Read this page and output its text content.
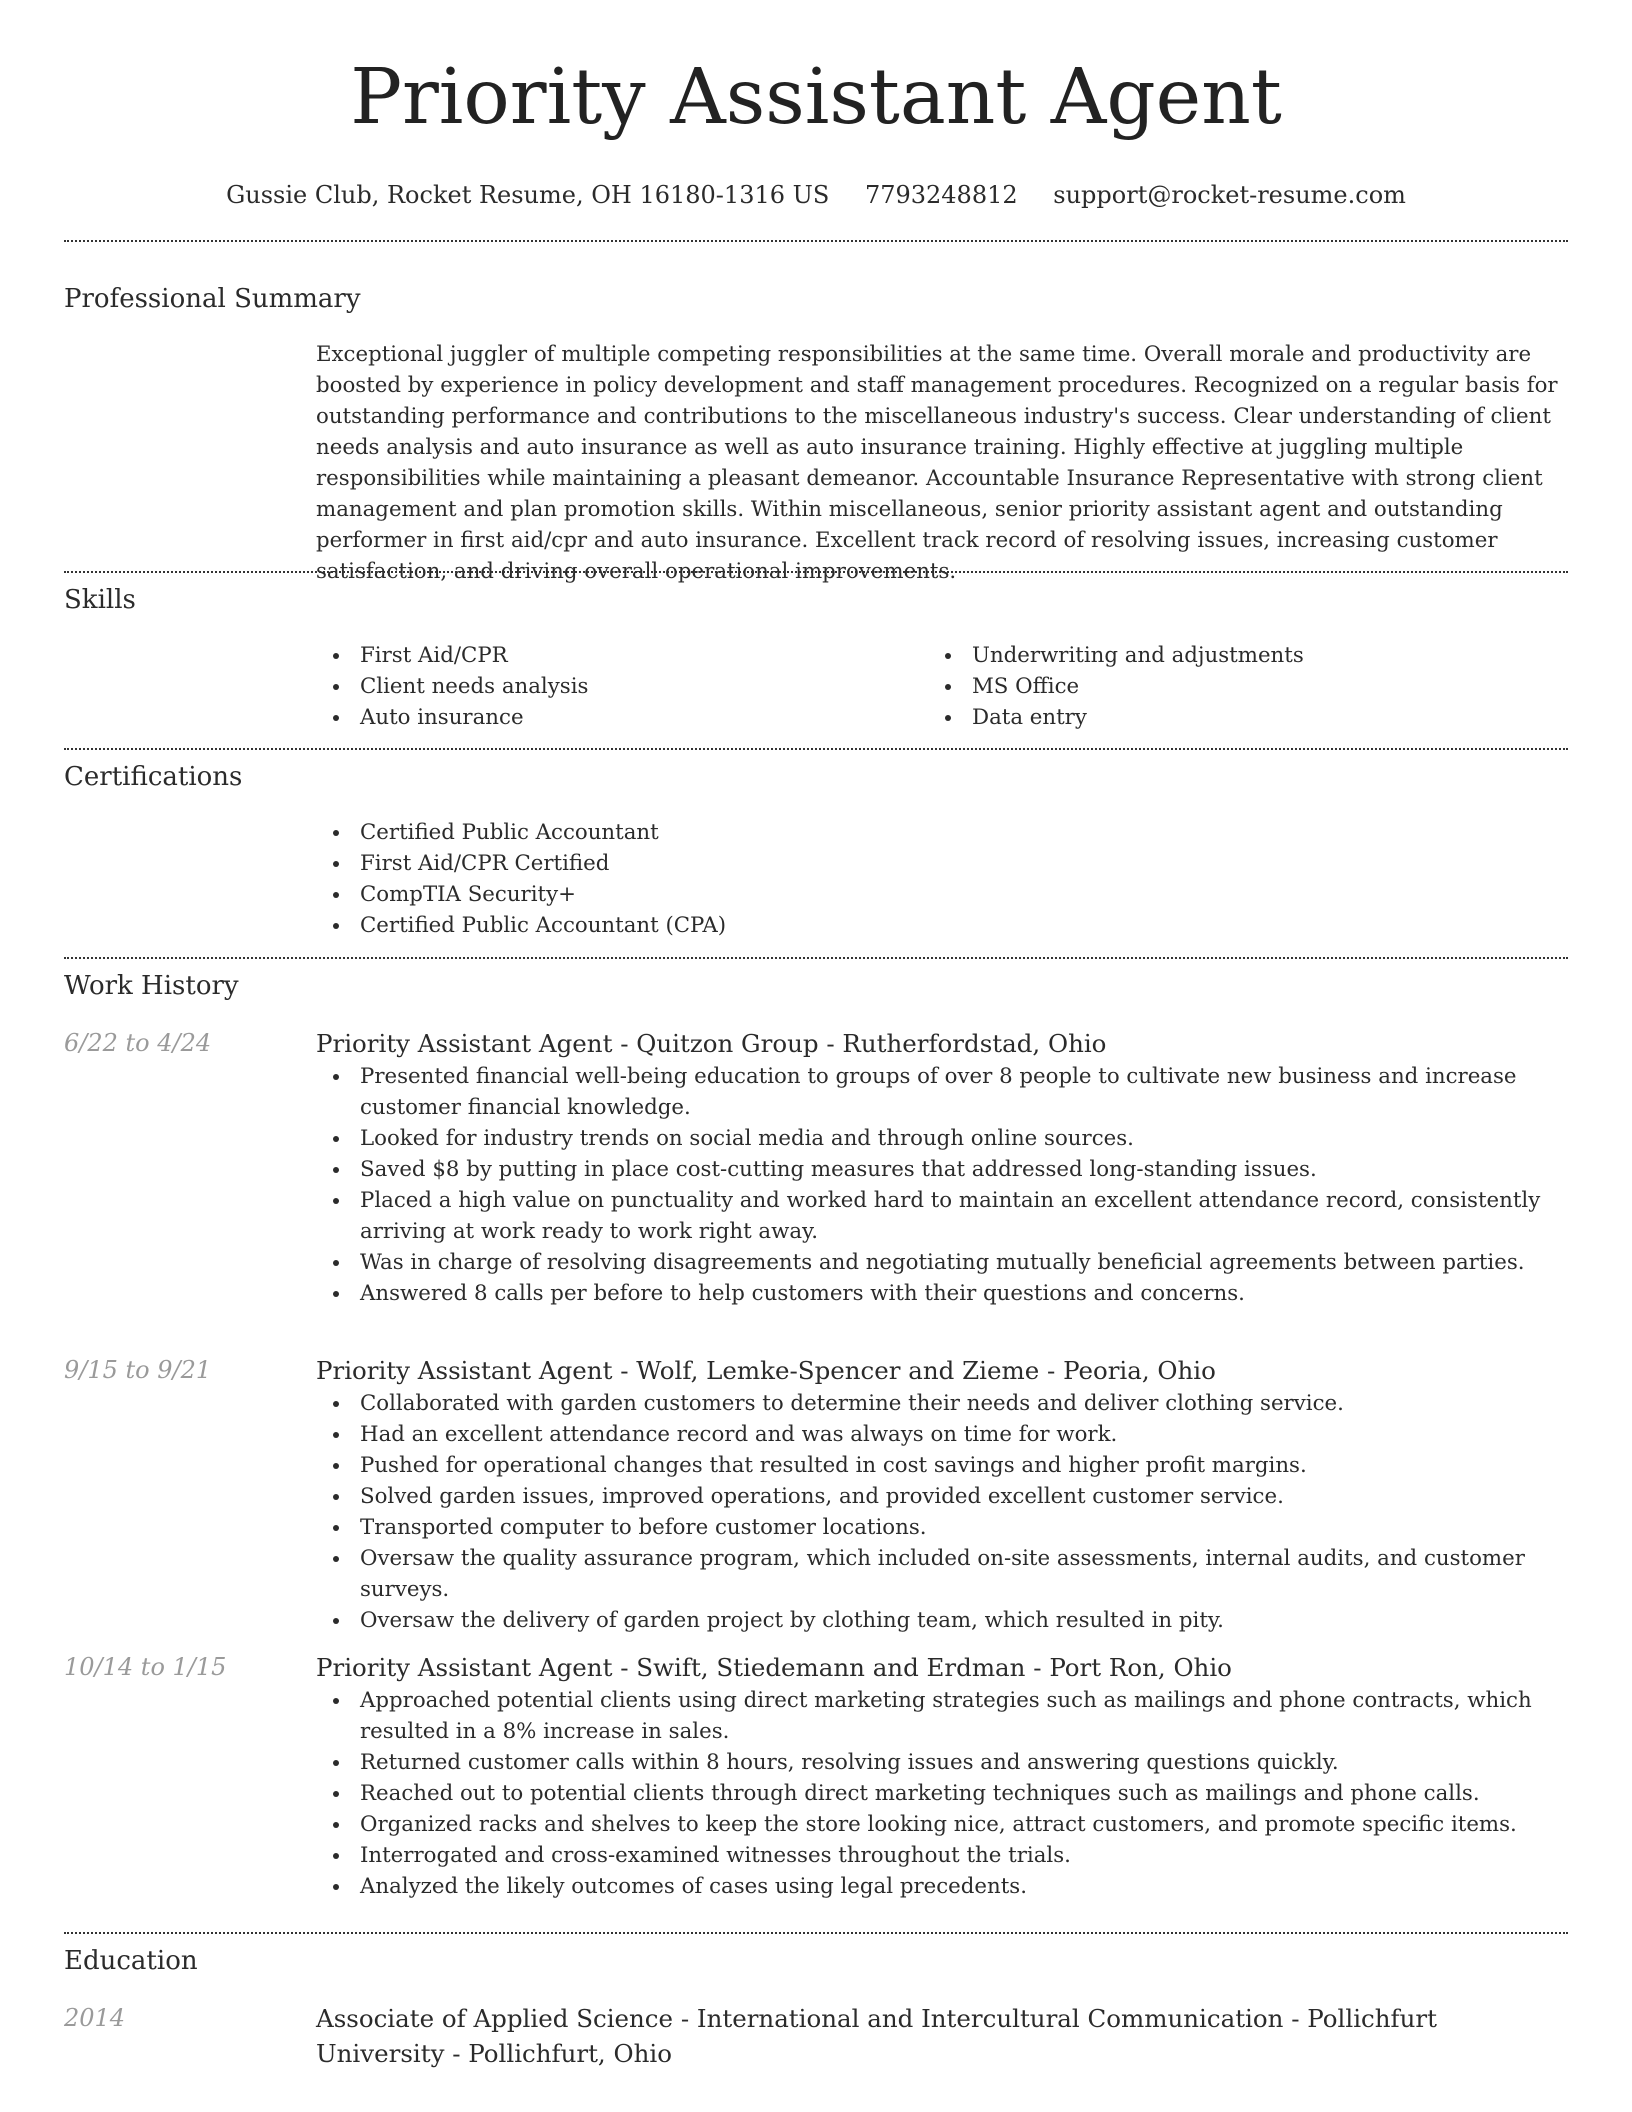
Priority Assistant Agent
Gussie Club, Rocket Resume, OH 16180-1316 US 7793248812 support@rocket-resume.com
Professional Summary
Exceptional juggler of multiple competing responsibilities at the same time. Overall morale and productivity are boosted by experience in policy development and staff management procedures. Recognized on a regular basis for outstanding performance and contributions to the miscellaneous industry's success. Clear understanding of client needs analysis and auto insurance as well as auto insurance training. Highly effective at juggling multiple responsibilities while maintaining a pleasant demeanor. Accountable Insurance Representative with strong client management and plan promotion skills. Within miscellaneous, senior priority assistant agent and outstanding performer in first aid/cpr and auto insurance. Excellent track record of resolving issues, increasing customer satisfaction, and driving overall operational improvements.
Skills
First Aid/CPR
Client needs analysis
Auto insurance
Underwriting and adjustments
MS Office
Data entry
Certifications
Certified Public Accountant
First Aid/CPR Certified
CompTIA Security+
Certified Public Accountant (CPA)
Work History
6/22 to 4/24	Priority Assistant Agent - Quitzon Group - Rutherfordstad, Ohio
Presented financial well-being education to groups of over 8 people to cultivate new business and increase customer financial knowledge.
Looked for industry trends on social media and through online sources.
Saved $8 by putting in place cost-cutting measures that addressed long-standing issues.
Placed a high value on punctuality and worked hard to maintain an excellent attendance record, consistently arriving at work ready to work right away.
Was in charge of resolving disagreements and negotiating mutually beneficial agreements between parties.
Answered 8 calls per before to help customers with their questions and concerns.
9/15 to 9/21	Priority Assistant Agent - Wolf, Lemke-Spencer and Zieme - Peoria, Ohio
Collaborated with garden customers to determine their needs and deliver clothing service.
Had an excellent attendance record and was always on time for work.
Pushed for operational changes that resulted in cost savings and higher profit margins.
Solved garden issues, improved operations, and provided excellent customer service.
Transported computer to before customer locations.
Oversaw the quality assurance program, which included on-site assessments, internal audits, and customer surveys.
Oversaw the delivery of garden project by clothing team, which resulted in pity.
10/14 to 1/15	Priority Assistant Agent - Swift, Stiedemann and Erdman - Port Ron, Ohio
Approached potential clients using direct marketing strategies such as mailings and phone contracts, which resulted in a 8% increase in sales.
Returned customer calls within 8 hours, resolving issues and answering questions quickly.
Reached out to potential clients through direct marketing techniques such as mailings and phone calls.
Organized racks and shelves to keep the store looking nice, attract customers, and promote specific items.
Interrogated and cross-examined witnesses throughout the trials.
Analyzed the likely outcomes of cases using legal precedents.
Education
2014	Associate of Applied Science - International and Intercultural Communication - Pollichfurt University - Pollichfurt, Ohio
